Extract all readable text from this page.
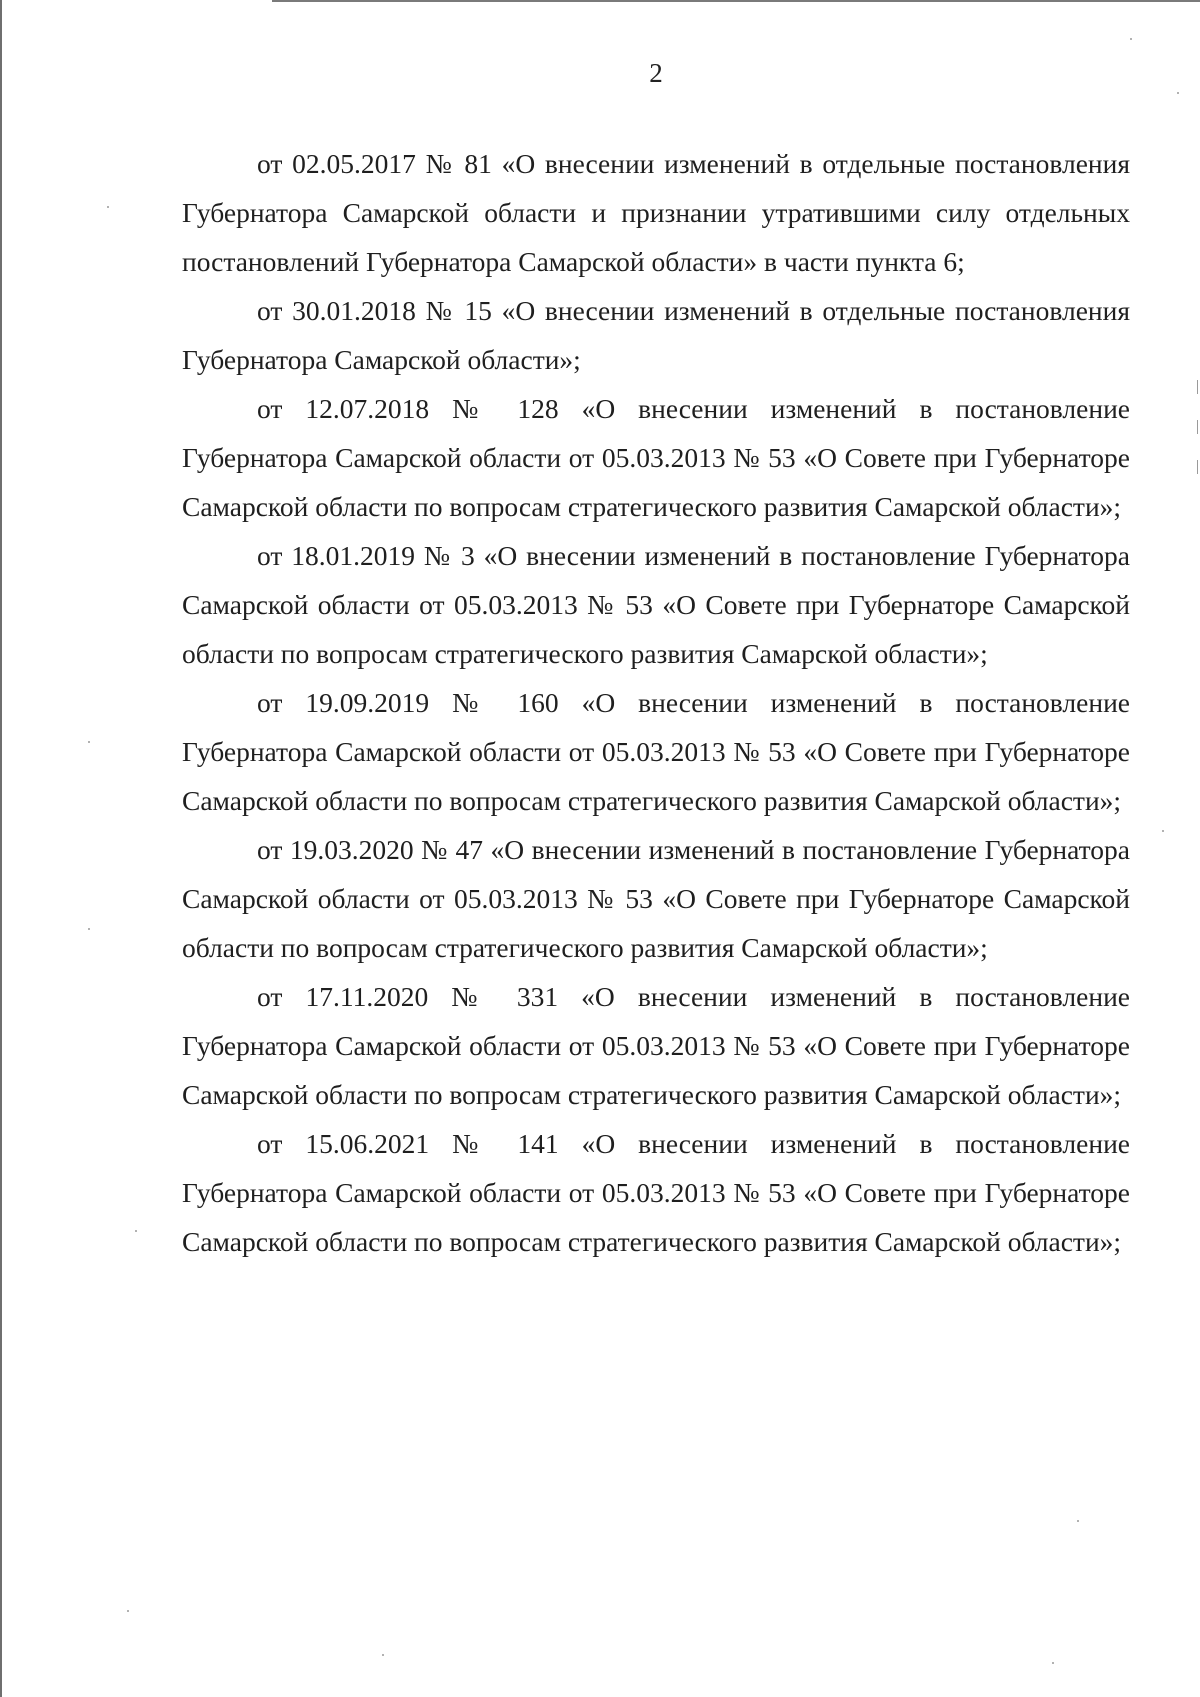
2

от 02.05.2017 № 81 «О внесении изменений в отдельные постановления Губернатора Самарской области и признании утратившими силу отдельных постановлений Губернатора Самарской области» в части пункта 6;

от 30.01.2018 № 15 «О внесении изменений в отдельные постановления Губернатора Самарской области»;

от 12.07.2018 № 128 «О внесении изменений в постановление Губернатора Самарской области от 05.03.2013 № 53 «О Совете при Губернаторе Самарской области по вопросам стратегического развития Самарской области»;

от 18.01.2019 № 3 «О внесении изменений в постановление Губернатора Самарской области от 05.03.2013 № 53 «О Совете при Губернаторе Самарской области по вопросам стратегического развития Самарской области»;

от 19.09.2019 № 160 «О внесении изменений в постановление Губернатора Самарской области от 05.03.2013 № 53 «О Совете при Губернаторе Самарской области по вопросам стратегического развития Самарской области»;

от 19.03.2020 № 47 «О внесении изменений в постановление Губернатора Самарской области от 05.03.2013 № 53 «О Совете при Губернаторе Самарской области по вопросам стратегического развития Самарской области»;

от 17.11.2020 № 331 «О внесении изменений в постановление Губернатора Самарской области от 05.03.2013 № 53 «О Совете при Губернаторе Самарской области по вопросам стратегического развития Самарской области»;

от 15.06.2021 № 141 «О внесении изменений в постановление Губернатора Самарской области от 05.03.2013 № 53 «О Совете при Губернаторе Самарской области по вопросам стратегического развития Самарской области»;
